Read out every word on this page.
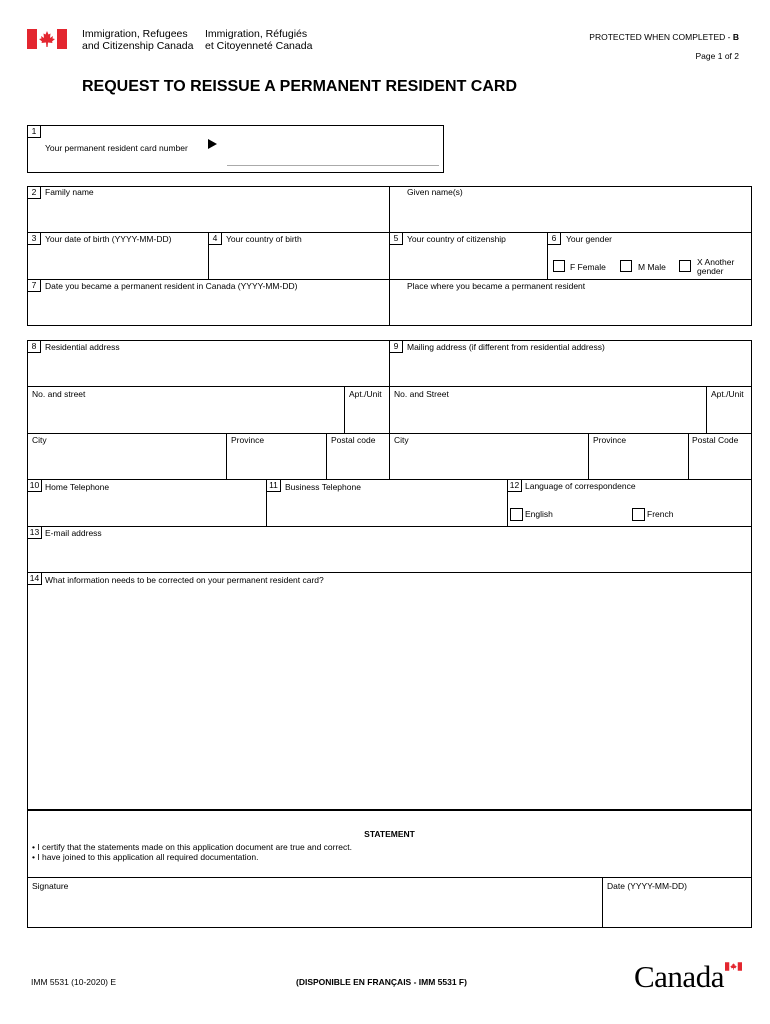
Immigration, Refugees
and Citizenship Canada
Immigration, Réfugiés
et Citoyenneté Canada
PROTECTED WHEN COMPLETED - B
Page 1 of 2
REQUEST TO REISSUE A PERMANENT RESIDENT CARD
1
Your permanent resident card number
2	Family name	Given name(s)
3	Your date of birth (YYYY-MM-DD)	4	Your country of birth	5	Your country of citizenship	6	Your gender
F Female	M Male	X Another
gender
7	Date you became a permanent resident in Canada (YYYY-MM-DD)	Place where you became a permanent resident
8	Residential address	9	Mailing address (if different from residential address)
No. and street	Apt./Unit No. and Street	Apt./Unit
City	Province	Postal code City	Province	Postal Code
10 Home Telephone	11 Business Telephone	12 Language of correspondence
English	French
13 E-mail address
14 What information needs to be corrected on your permanent resident card?
STATEMENT
• I certify that the statements made on this application document are true and correct.
• I have joined to this application all required documentation.
Signature	Date (YYYY-MM-DD)
IMM 5531 (10-2020) E	(DISPONIBLE EN FRANÇAIS - IMM 5531 F)	Canada
